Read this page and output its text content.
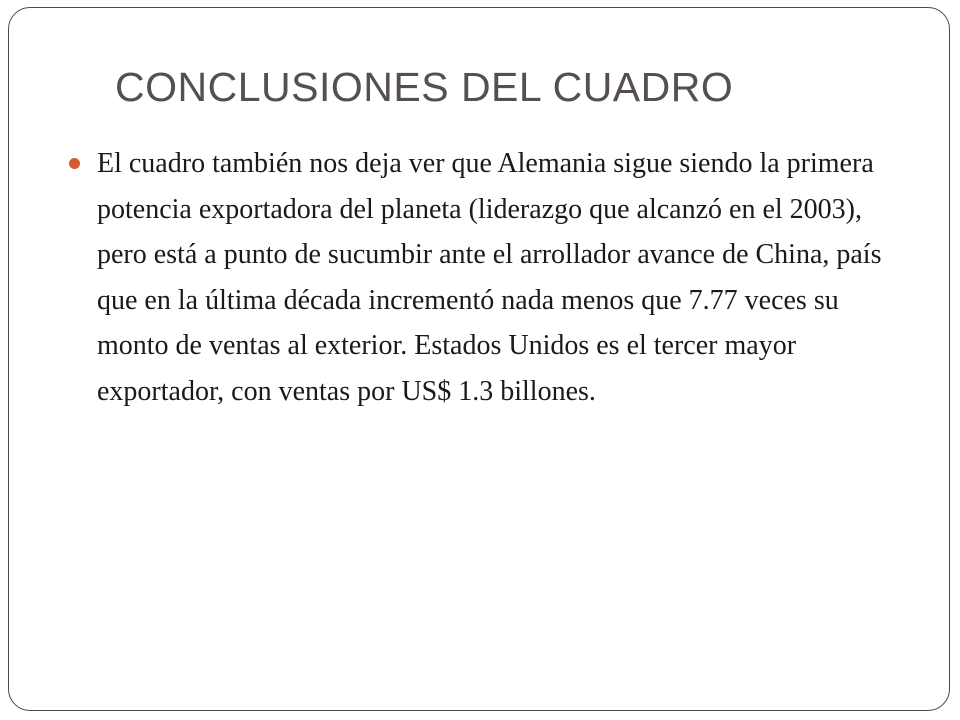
CONCLUSIONES DEL CUADRO
El cuadro también nos deja ver que Alemania sigue siendo la primera potencia exportadora del planeta (liderazgo que alcanzó en el 2003), pero está a punto de sucumbir ante el arrollador avance de China, país que en la última década incrementó nada menos que 7.77 veces su monto de ventas al exterior. Estados Unidos es el tercer mayor exportador, con ventas por US$ 1.3 billones.
